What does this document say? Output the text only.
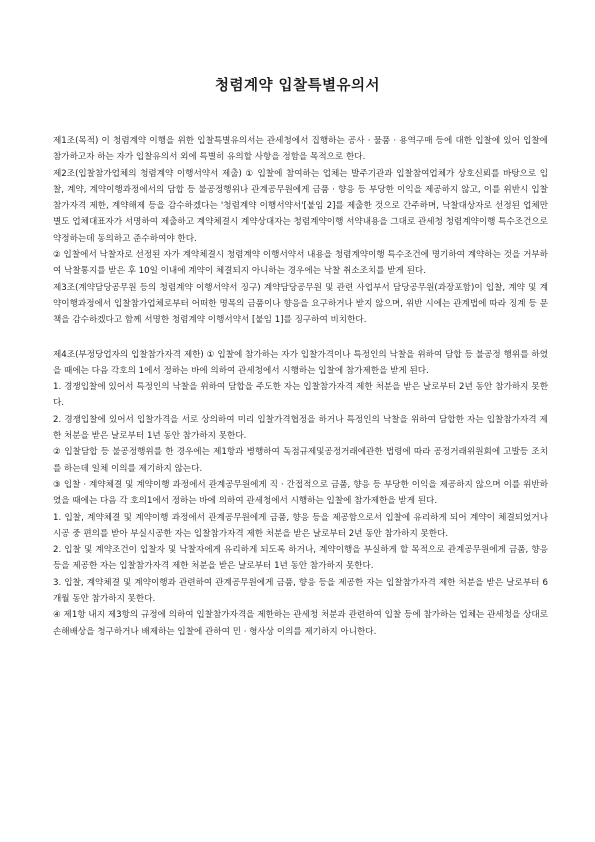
청렴계약 입찰특별유의서

제1조(목적) 이 청렴계약 이행을 위한 입찰특별유의서는 관세청에서 집행하는 공사 · 물품 · 용역구매 등에 대한 입찰에 있어 입찰에 참가하고자 하는 자가 입찰유의서 외에 특별히 유의할 사항을 정함을 목적으로 한다.

제2조(입찰참가업체의 청렴계약 이행서약서 제출) ① 입찰에 참여하는 업체는 발주기관과 입찰참여업체가 상호신뢰를 바탕으로 입찰, 계약, 계약이행과정에서의 담합 등 불공정행위나 관계공무원에게 금품 · 향응 등 부당한 이익을 제공하지 않고, 이를 위반시 입찰참가자격 제한, 계약해제 등을 감수하겠다는 '청렴계약 이행서약서'[붙임 2]를 제출한 것으로 간주하며, 낙찰대상자로 선정된 업체만 별도 업체대표자가 서명하여 제출하고 계약체결시 계약상대자는 청렴계약이행 서약내용을 그대로 관세청 청렴계약이행 특수조건으로 약정하는데 동의하고 준수하여야 한다.

② 입찰에서 낙찰자로 선정된 자가 계약체결시 청렴계약 이행서약서 내용을 청렴계약이행 특수조건에 명기하여 계약하는 것을 거부하여 낙찰통지를 받은 후 10일 이내에 계약이 체결되지 아니하는 경우에는 낙찰 취소조치를 받게 된다.

제3조(계약담당공무원 등의 청렴계약 이행서약서 징구) 계약담당공무원 및 관련 사업부서 담당공무원(과장포함)이 입찰, 계약 및 계약이행과정에서 입찰참가업체로부터 어떠한 명목의 금품이나 향응을 요구하거나 받지 않으며, 위반 시에는 관계법에 따라 징계 등 문책을 감수하겠다고 함께 서명한 청렴계약 이행서약서 [붙임 1]를 징구하여 비치한다.

제4조(부정당업자의 입찰참가자격 제한) ① 입찰에 참가하는 자가 입찰가격이나 특정인의 낙찰을 위하여 담합 등 불공정 행위를 하였을 때에는 다음 각호의 1에서 정하는 바에 의하여 관세청에서 시행하는 입찰에 참가제한을 받게 된다.

1. 경쟁입찰에 있어서 특정인의 낙찰을 위하여 담합을 주도한 자는 입찰참가자격 제한 처분을 받은 날로부터 2년 동안 참가하지 못한다.

2. 경쟁입찰에 있어서 입찰가격을 서로 상의하여 미리 입찰가격협정을 하거나 특정인의 낙찰을 위하여 담합한 자는 입찰참가자격 제한 처분을 받은 날로부터 1년 동안 참가하지 못한다.

② 입찰담합 등 불공정행위를 한 경우에는 제1항과 병행하여 독점규제및공정거래에관한 법령에 따라 공정거래위원회에 고발등 조치를 하는데 일체 이의를 제기하지 않는다.

③ 입찰 · 계약체결 및 계약이행 과정에서 관계공무원에게 직 · 간접적으로 금품, 향응 등 부당한 이익을 제공하지 않으며 이를 위반하였을 때에는 다음 각 호의1에서 정하는 바에 의하여 관세청에서 시행하는 입찰에 참가제한을 받게 된다.

1. 입찰, 계약체결 및 계약이행 과정에서 관계공무원에게 금품, 향응 등을 제공함으로서 입찰에 유리하게 되어 계약이 체결되었거나 시공 중 편의를 받아 부실시공한 자는 입찰참가자격 제한 처분을 받은 날로부터 2년 동안 참가하지 못한다.

2. 입찰 및 계약조건이 입찰자 및 낙찰자에게 유리하게 되도록 하거나, 계약이행을 부실하게 할 목적으로 관계공무원에게 금품, 향응 등을 제공한 자는 입찰참가자격 제한 처분을 받은 날로부터 1년 동안 참가하지 못한다.

3. 입찰, 계약체결 및 계약이행과 관련하여 관계공무원에게 금품, 향응 등을 제공한 자는 입찰참가자격 제한 처분을 받은 날로부터 6개월 동안 참가하지 못한다.

④ 제1항 내지 제3항의 규정에 의하여 입찰참가자격을 제한하는 관세청 처분과 관련하여 입찰 등에 참가하는 업체는 관세청을 상대로 손해배상을 청구하거나 배제하는 입찰에 관하여 민 · 형사상 이의를 제기하지 아니한다.
